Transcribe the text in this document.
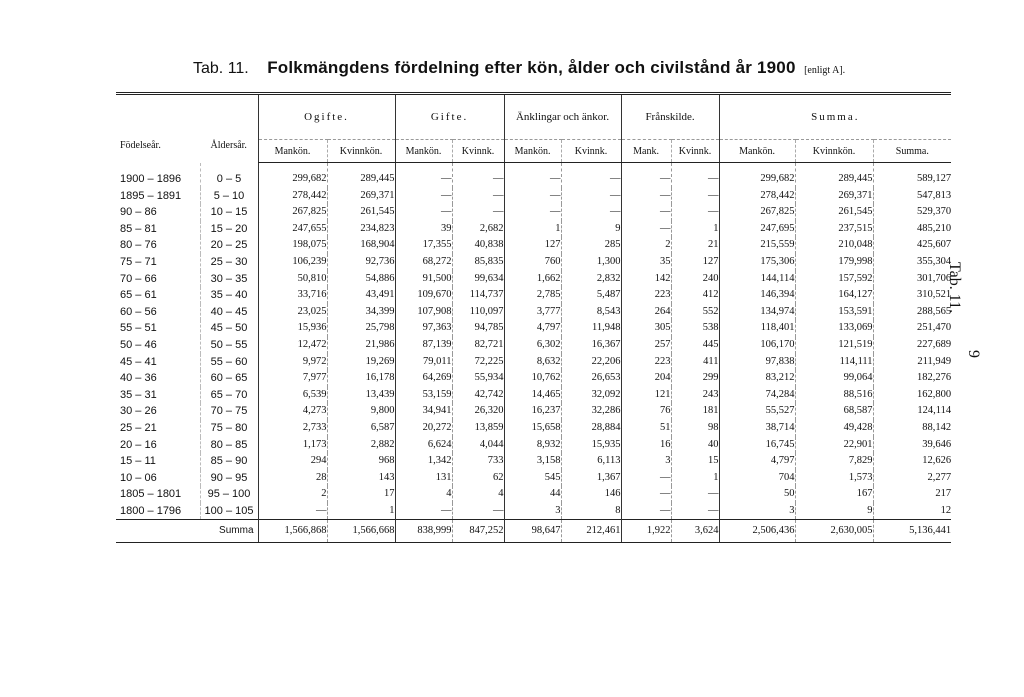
Tab. 11. Folkmängdens fördelning efter kön, ålder och civilstånd år 1900 [enligt A].
Tab. 11.
9
Födelseår.	Åldersår.	Ogifte.		Gifte.		Änklingar och änkor.		Frånskilde.		Summa.		
		Mankön.	Kvinnkön.	Mankön.	Kvinnk.	Mankön.	Kvinnk.	Mank.	Kvinnk.	Mankön.	Kvinnkön.	Summa.
1900 – 1896	0 – 5	299,682	289,445	—	—	—	—	—	—	299,682	289,445	589,127
1895 – 1891	5 – 10	278,442	269,371	—	—	—	—	—	—	278,442	269,371	547,813
90 – 86	10 – 15	267,825	261,545	—	—	—	—	—	—	267,825	261,545	529,370
85 – 81	15 – 20	247,655	234,823	39	2,682	1	9	—	1	247,695	237,515	485,210
80 – 76	20 – 25	198,075	168,904	17,355	40,838	127	285	2	21	215,559	210,048	425,607
75 – 71	25 – 30	106,239	92,736	68,272	85,835	760	1,300	35	127	175,306	179,998	355,304
70 – 66	30 – 35	50,810	54,886	91,500	99,634	1,662	2,832	142	240	144,114	157,592	301,706
65 – 61	35 – 40	33,716	43,491	109,670	114,737	2,785	5,487	223	412	146,394	164,127	310,521
60 – 56	40 – 45	23,025	34,399	107,908	110,097	3,777	8,543	264	552	134,974	153,591	288,565
55 – 51	45 – 50	15,936	25,798	97,363	94,785	4,797	11,948	305	538	118,401	133,069	251,470
50 – 46	50 – 55	12,472	21,986	87,139	82,721	6,302	16,367	257	445	106,170	121,519	227,689
45 – 41	55 – 60	9,972	19,269	79,011	72,225	8,632	22,206	223	411	97,838	114,111	211,949
40 – 36	60 – 65	7,977	16,178	64,269	55,934	10,762	26,653	204	299	83,212	99,064	182,276
35 – 31	65 – 70	6,539	13,439	53,159	42,742	14,465	32,092	121	243	74,284	88,516	162,800
30 – 26	70 – 75	4,273	9,800	34,941	26,320	16,237	32,286	76	181	55,527	68,587	124,114
25 – 21	75 – 80	2,733	6,587	20,272	13,859	15,658	28,884	51	98	38,714	49,428	88,142
20 – 16	80 – 85	1,173	2,882	6,624	4,044	8,932	15,935	16	40	16,745	22,901	39,646
15 – 11	85 – 90	294	968	1,342	733	3,158	6,113	3	15	4,797	7,829	12,626
10 – 06	90 – 95	28	143	131	62	545	1,367	—	1	704	1,573	2,277
1805 – 1801	95 – 100	2	17	4	4	44	146	—	—	50	167	217
1800 – 1796	100 – 105	—	1	—	—	3	8	—	—	3	9	12
Summa		1,566,868	1,566,668	838,999	847,252	98,647	212,461	1,922	3,624	2,506,436	2,630,005	5,136,441
